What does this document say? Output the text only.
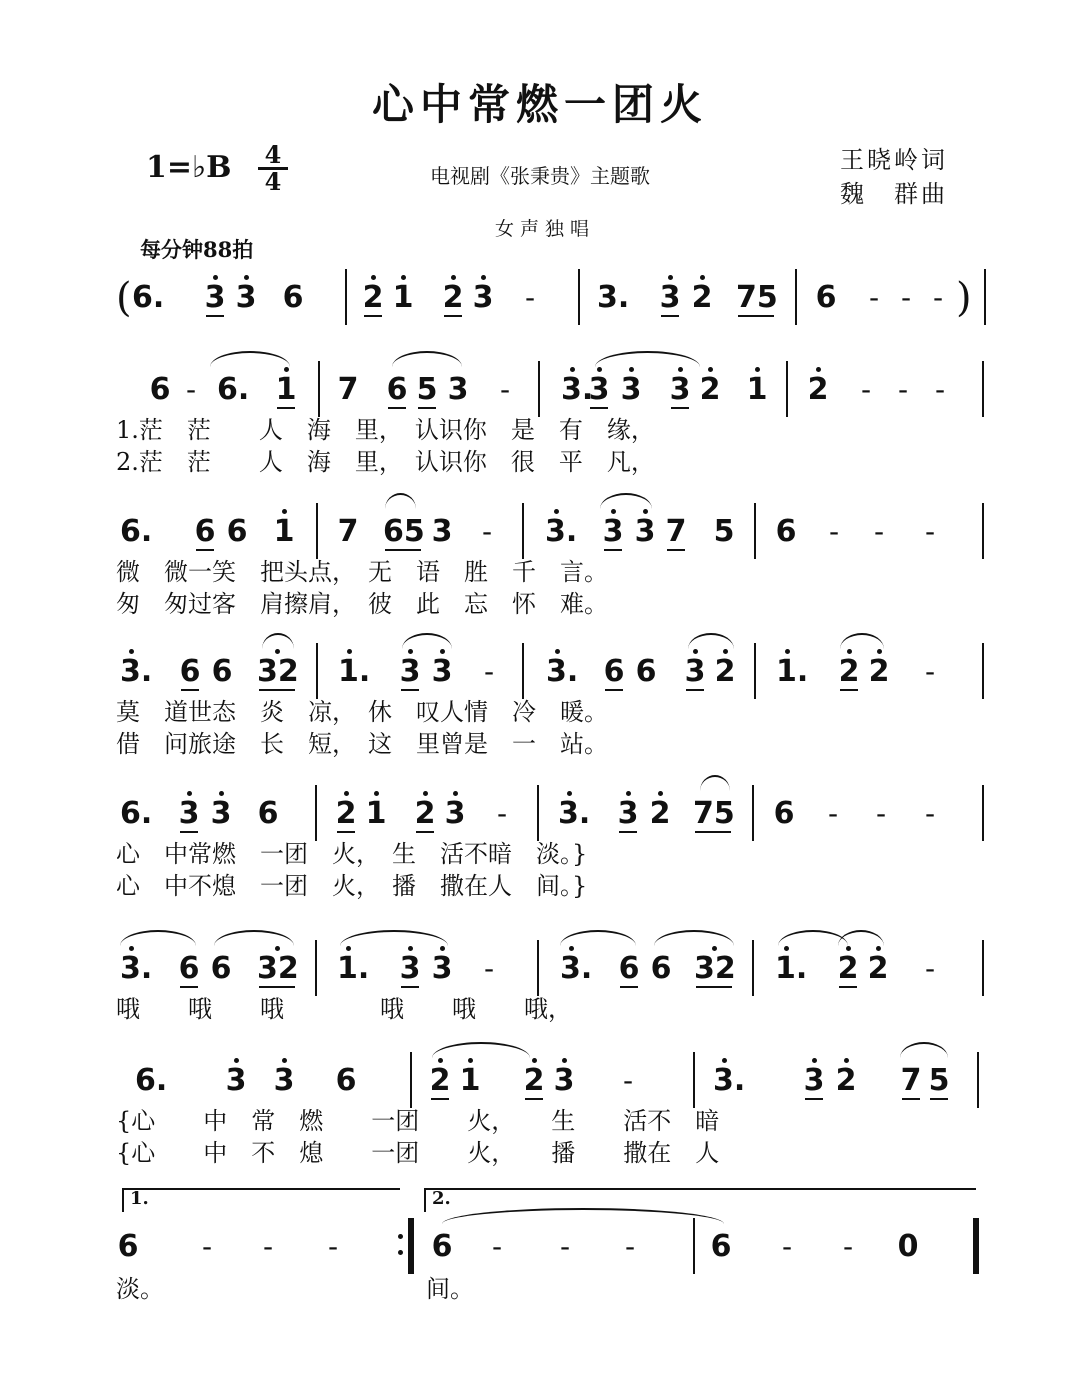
心中常燃一团火
1=♭B 4
4	电视剧《张秉贵》主题歌
王晓岭词
魏　群曲
女声独唱
每分钟88拍
( 6. 3 3 6 2 1 2 3 - 3. 3 2 75 6 - - - )
6 - 6. 1 7 6 5 3 - 3.
3 3 3 2 1 2 - - -
1.茫　茫　　人　海　里，　认识你　是　有　缘，
2.茫　茫　　人　海　里，　认识你　很　平　凡，
6. 6 6 1 7 65 3 - 3. 3 3 7 5 6 - - -
微　微一笑　把头点，　无　语　胜　千　言。
匆　匆过客　肩擦肩，　彼　此　忘　怀　难。
3. 6 6 32 1. 3 3 - 3. 6 6 3 2 1. 2 2 -
莫　道世态　炎　凉，　休　叹人情　冷　暖。
借　问旅途　长　短，　这　里曾是　一　站。
6. 3 3 6 2 1 2 3 - 3. 3 2 75 6 - - -
心　中常燃　一团　火，　生　活不暗　淡。}
心　中不熄　一团　火，　播　撒在人　间。}
3. 6 6 32 1. 3 3 - 3. 6 6 32 1. 2 2 -
哦　　哦　　哦　　　　哦　　哦　　哦，
6. 3 3 6 2 1 2 3 -	3. 3 2 7 5
{心　　中　常　燃　　一团　　火，　　生　　活不　暗
{心　　中　不　熄　　一团　　火，　　播　　撒在　人
6 - - -	6 - - -	6 - - 0
淡。	间。
1.	2.
